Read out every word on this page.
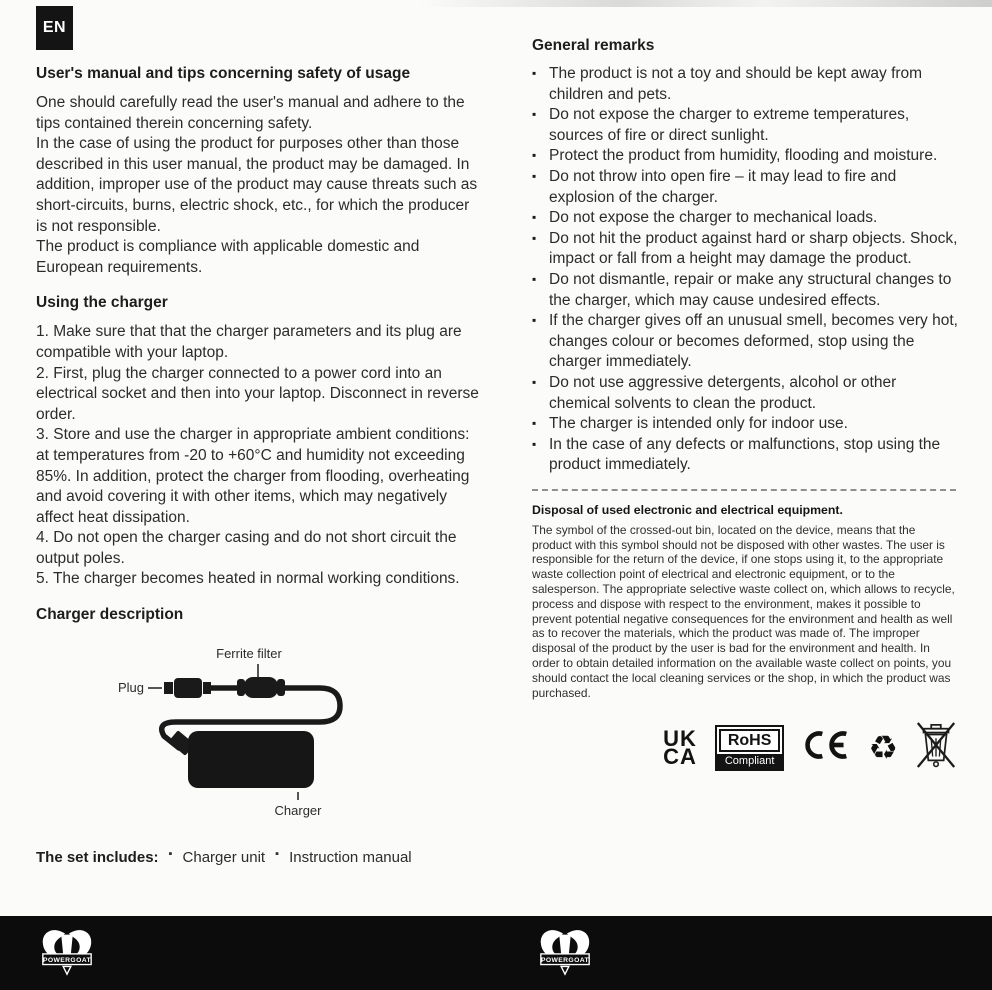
EN
User's manual and tips concerning safety of usage
One should carefully read the user's manual and adhere to the tips contained therein concerning safety.
In the case of using the product for purposes other than those described in this user manual, the product may be damaged. In addition, improper use of the product may cause threats such as short-circuits, burns, electric shock, etc., for which the producer is not responsible.
The product is compliance with applicable domestic and European requirements.
Using the charger
1. Make sure that that the charger parameters and its plug are compatible with your laptop.
2. First, plug the charger connected to a power cord into an electrical socket and then into your laptop. Disconnect in reverse order.
3. Store and use the charger in appropriate ambient conditions: at temperatures from -20 to +60°C and humidity not exceeding 85%. In addition, protect the charger from flooding, overheating and avoid covering it with other items, which may negatively affect heat dissipation.
4. Do not open the charger casing and do not short circuit the output poles.
5. The charger becomes heated in normal working conditions.
Charger description
Ferrite filter
Plug
Charger
The set includes:	▪ Charger unit	▪ Instruction manual
General remarks
▪ The product is not a toy and should be kept away from children and pets.
▪ Do not expose the charger to extreme temperatures, sources of fire or direct sunlight.
▪ Protect the product from humidity, flooding and moisture.
▪ Do not throw into open fire – it may lead to fire and explosion of the charger.
▪ Do not expose the charger to mechanical loads.
▪ Do not hit the product against hard or sharp objects. Shock, impact or fall from a height may damage the product.
▪ Do not dismantle, repair or make any structural changes to the charger, which may cause undesired effects.
▪ If the charger gives off an unusual smell, becomes very hot, changes colour or becomes deformed, stop using the charger immediately.
▪ Do not use aggressive detergents, alcohol or other chemical solvents to clean the product.
▪ The charger is intended only for indoor use.
▪ In the case of any defects or malfunctions, stop using the product immediately.
Disposal of used electronic and electrical equipment.
The symbol of the crossed-out bin, located on the device, means that the product with this symbol should not be disposed with other wastes. The user is responsible for the return of the device, if one stops using it, to the appropriate waste collection point of electrical and electronic equipment, or to the salesperson. The appropriate selective waste collect on, which allows to recycle, process and dispose with respect to the environment, makes it possible to prevent potential negative consequences for the environment and health as well as to recover the materials, which the product was made of. The improper disposal of the product by the user is bad for the environment and health. In order to obtain detailed information on the available waste collect on points, you should contact the local cleaning services or the shop, in which the product was purchased.
UK
CA
RoHS
Compliant	♻
POWERGOAT	POWERGOAT
